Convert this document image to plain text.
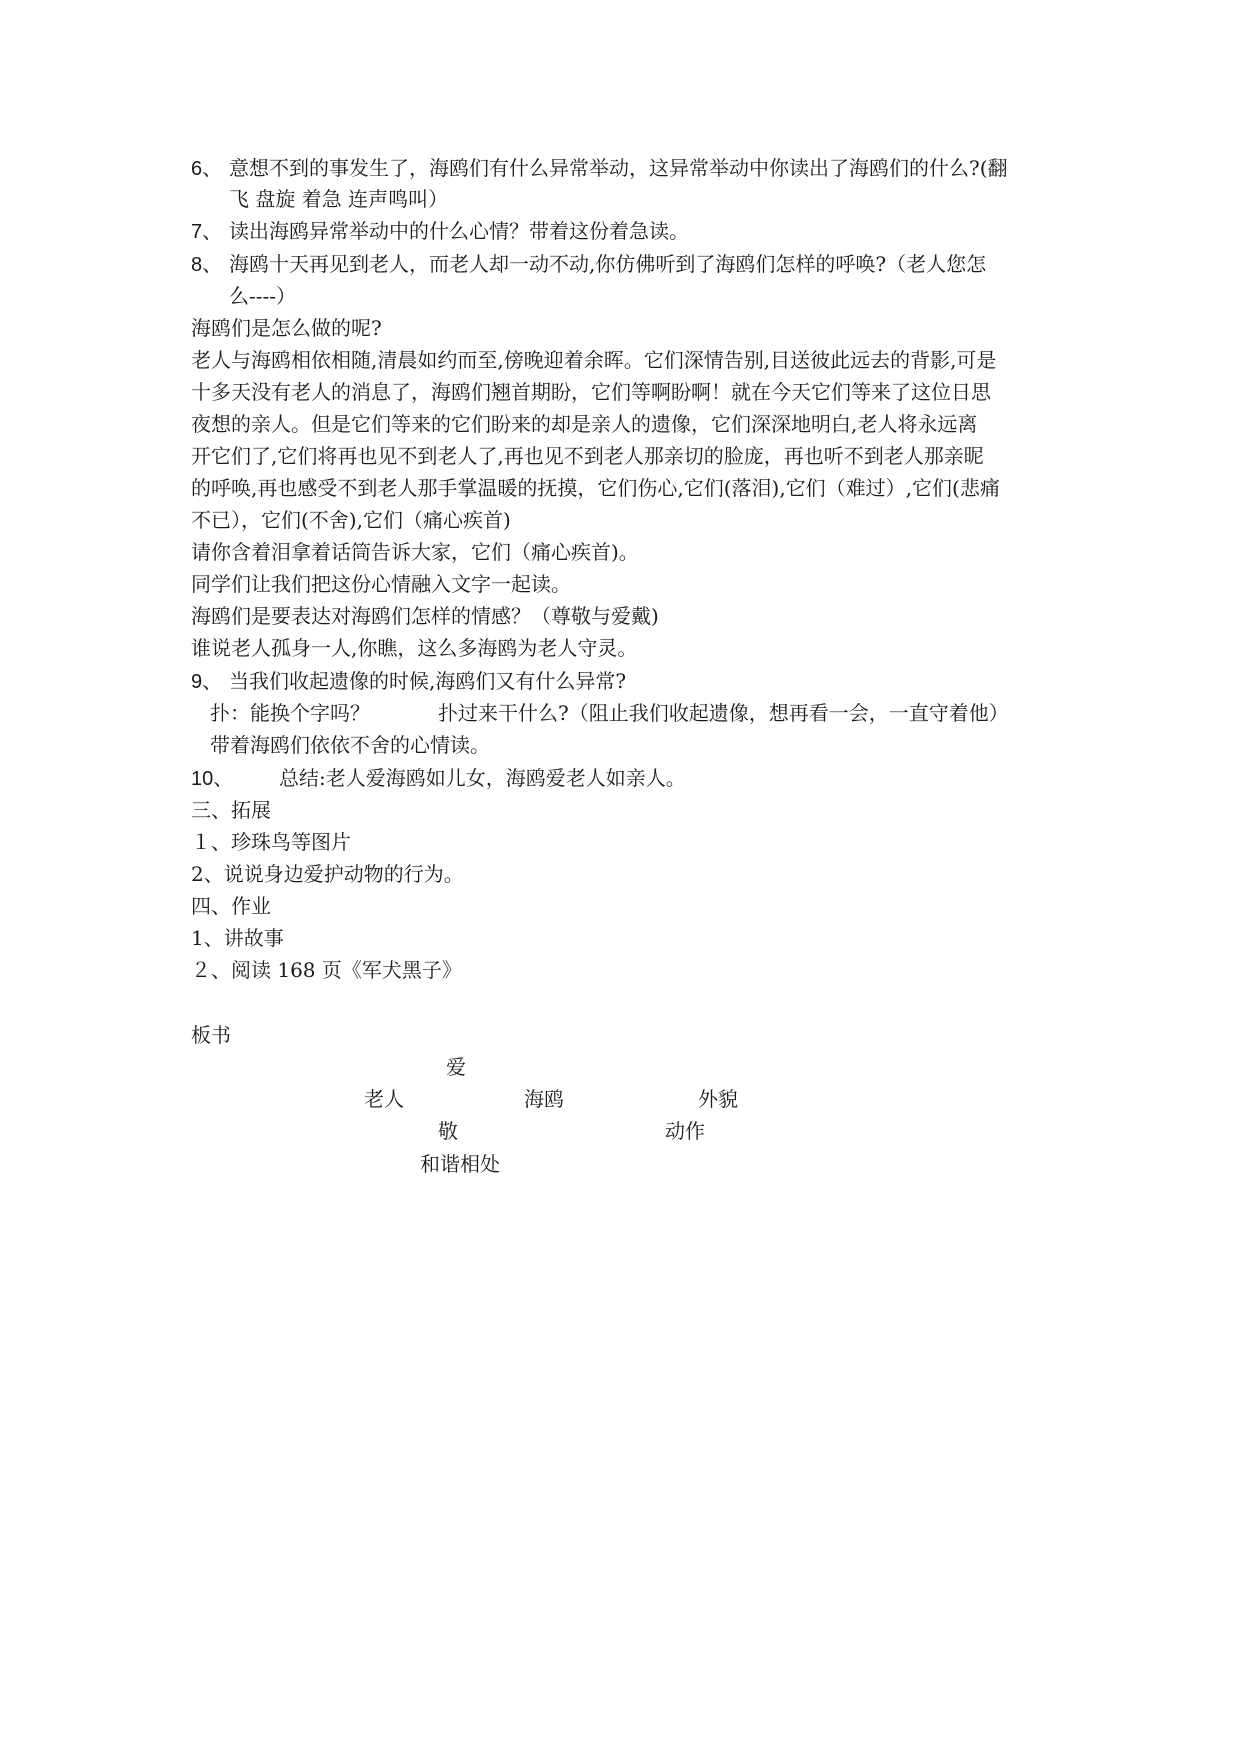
6、 意想不到的事发生了，海鸥们有什么异常举动，这异常举动中你读出了海鸥们的什么?(翻
飞 盘旋 着急 连声鸣叫）
7、 读出海鸥异常举动中的什么心情？带着这份着急读。
8、 海鸥十天再见到老人，而老人却一动不动,你仿佛听到了海鸥们怎样的呼唤?（老人您怎
么----）
海鸥们是怎么做的呢?
老人与海鸥相依相随,清晨如约而至,傍晚迎着余晖。它们深情告别,目送彼此远去的背影,可是
十多天没有老人的消息了，海鸥们翘首期盼，它们等啊盼啊！就在今天它们等来了这位日思
夜想的亲人。但是它们等来的它们盼来的却是亲人的遗像，它们深深地明白,老人将永远离
开它们了,它们将再也见不到老人了,再也见不到老人那亲切的脸庞，再也听不到老人那亲昵
的呼唤,再也感受不到老人那手掌温暖的抚摸，它们伤心,它们(落泪),它们（难过）,它们(悲痛
不已），它们(不舍),它们（痛心疾首)
请你含着泪拿着话筒告诉大家，它们（痛心疾首)。
同学们让我们把这份心情融入文字一起读。
海鸥们是要表达对海鸥们怎样的情感？（尊敬与爱戴)
谁说老人孤身一人,你瞧，这么多海鸥为老人守灵。
9、 当我们收起遗像的时候,海鸥们又有什么异常?
扑：能换个字吗？	扑过来干什么?（阻止我们收起遗像，想再看一会，一直守着他）
带着海鸥们依依不舍的心情读。
10、 总结:老人爱海鸥如儿女，海鸥爱老人如亲人。
三、拓展
１、珍珠鸟等图片
2、说说身边爱护动物的行为。
四、作业
1、讲故事
２、阅读 168 页《军犬黑子》
板书
爱
老人	海鸥	外貌
敬	动作
和谐相处
